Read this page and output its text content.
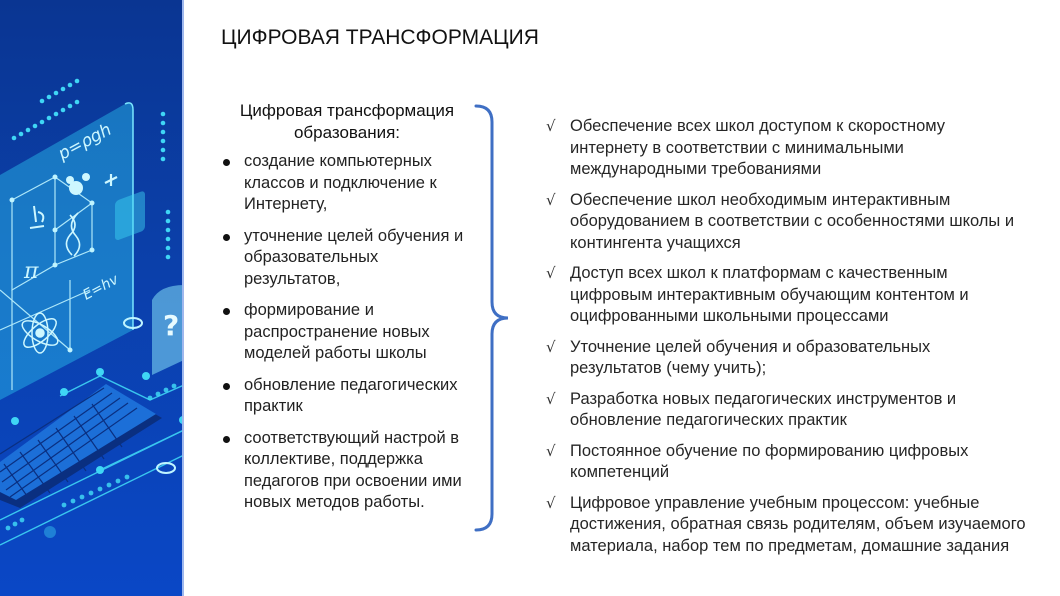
p=ρgh
E=hv
π
?
ЦИФРОВАЯ ТРАНСФОРМАЦИЯ
Цифровая трансформация образования:
создание компьютерных классов и подключение к Интернету,
уточнение целей обучения и образовательных результатов,
формирование и распространение новых моделей работы школы
обновление педагогических практик
соответствующий настрой в коллективе, поддержка педагогов при освоении ими новых методов работы.
√ Обеспечение всех школ доступом к скоростному интернету в соответствии с минимальными международными требованиями
√ Обеспечение школ необходимым интерактивным оборудованием в соответствии с особенностями школы и контингента учащихся
√ Доступ всех школ к платформам с качественным цифровым интерактивным обучающим контентом и оцифрованными школьными процессами
√ Уточнение целей обучения и образовательных результатов (чему учить);
√ Разработка новых педагогических инструментов и обновление педагогических практик
√ Постоянное обучение по формированию цифровых компетенций
√ Цифровое управление учебным процессом: учебные достижения, обратная связь родителям, объем изучаемого материала, набор тем по предметам, домашние задания
